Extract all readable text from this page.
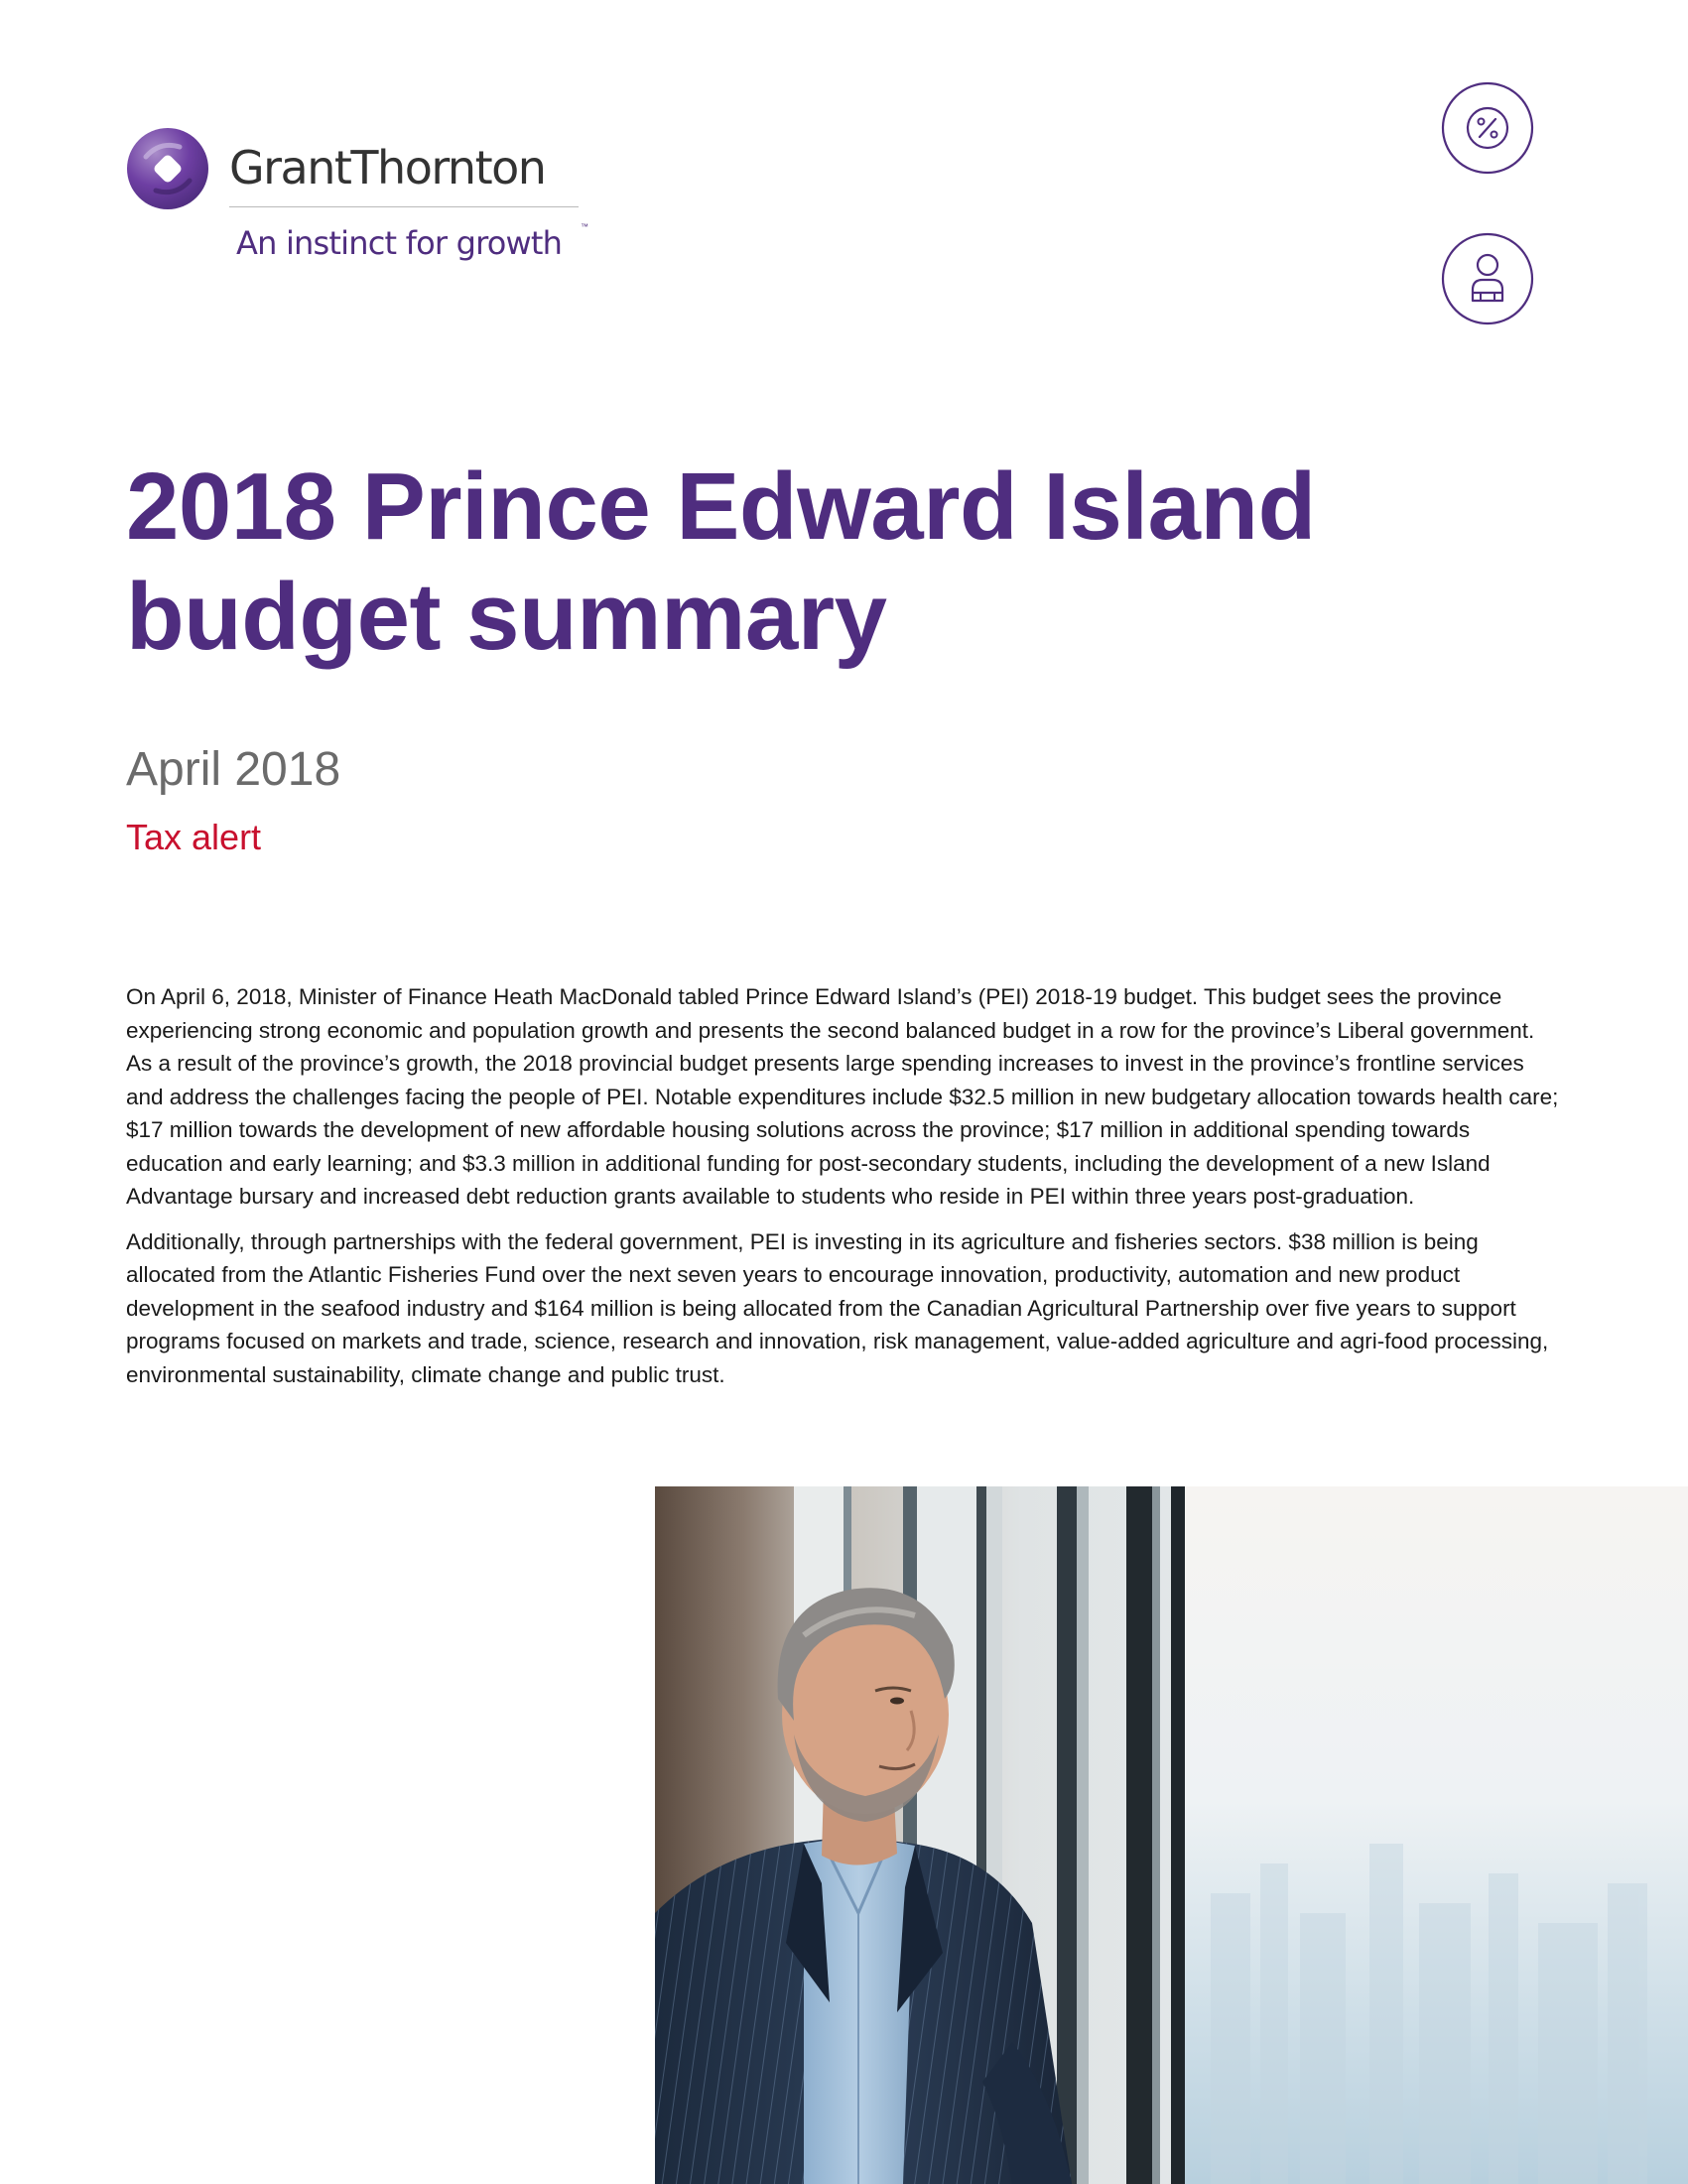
GrantThornton
An instinct for growth ™
2018 Prince Edward Island
budget summary
April 2018
Tax alert

On April 6, 2018, Minister of Finance Heath MacDonald tabled Prince Edward Island’s (PEI) 2018-19 budget. This budget sees the province experiencing strong economic and population growth and presents the second balanced budget in a row for the province’s Liberal government. As a result of the province’s growth, the 2018 provincial budget presents large spending increases to invest in the province’s frontline services and address the challenges facing the people of PEI. Notable expenditures include $32.5 million in new budgetary allocation towards health care; $17 million towards the development of new affordable housing solutions across the province; $17 million in additional spending towards education and early learning; and $3.3 million in additional funding for post-secondary students, including the development of a new Island Advantage bursary and increased debt reduction grants available to students who reside in PEI within three years post-graduation.

Additionally, through partnerships with the federal government, PEI is investing in its agriculture and fisheries sectors. $38 million is being allocated from the Atlantic Fisheries Fund over the next seven years to encourage innovation, productivity, automation and new product development in the seafood industry and $164 million is being allocated from the Canadian Agricultural Partnership over five years to support programs focused on markets and trade, science, research and innovation, risk management, value-added agriculture and agri-food processing, environmental sustainability, climate change and public trust.
